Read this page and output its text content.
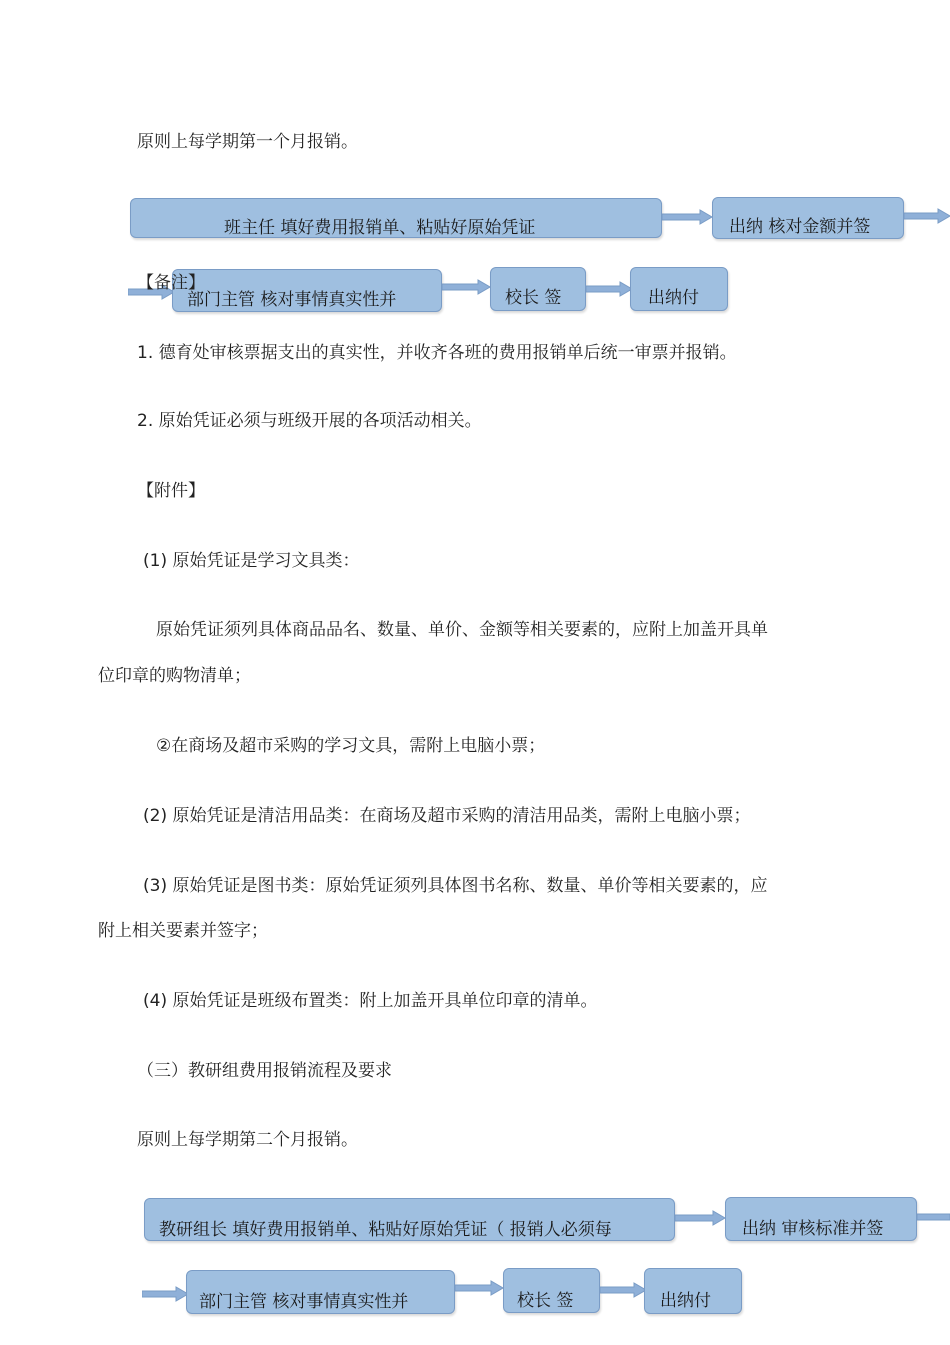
原则上每学期第一个月报销。
班主任 填好费用报销单、粘贴好原始凭证	出纳 核对金额并签
【备注】
部门主管 核对事情真实性并	校长 签	出纳付
1. 德育处审核票据支出的真实性，并收齐各班的费用报销单后统一审票并报销。
2. 原始凭证必须与班级开展的各项活动相关。
【附件】
(1) 原始凭证是学习文具类：
原始凭证须列具体商品品名、数量、单价、金额等相关要素的，应附上加盖开具单
位印章的购物清单；
②在商场及超市采购的学习文具，需附上电脑小票；
(2) 原始凭证是清洁用品类：在商场及超市采购的清洁用品类，需附上电脑小票；
(3) 原始凭证是图书类：原始凭证须列具体图书名称、数量、单价等相关要素的，应
附上相关要素并签字；
(4) 原始凭证是班级布置类：附上加盖开具单位印章的清单。
（三）教研组费用报销流程及要求
原则上每学期第二个月报销。
教研组长 填好费用报销单、粘贴好原始凭证（ 报销人必须每	出纳 审核标准并签
部门主管 核对事情真实性并	校长 签	出纳付
